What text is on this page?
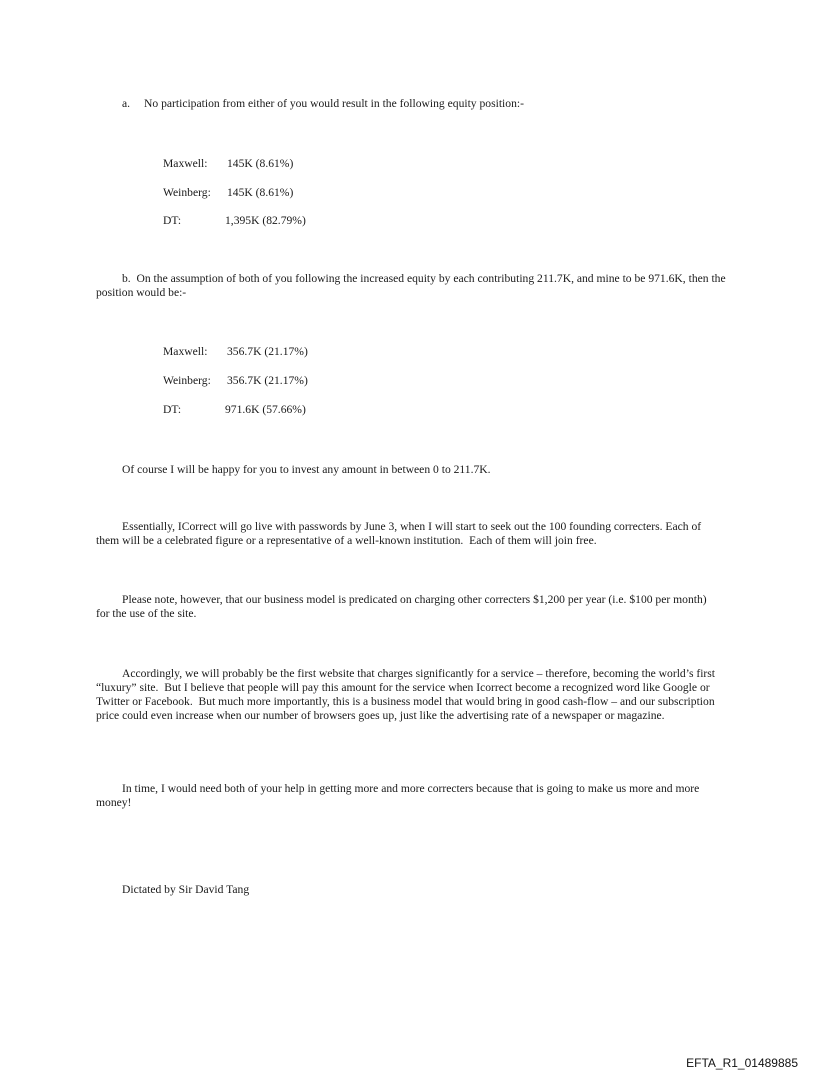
a. No participation from either of you would result in the following equity position:-

Maxwell: 145K (8.61%)

Weinberg: 145K (8.61%)

DT:	1,395K (82.79%)

b.  On the assumption of both of you following the increased equity by each contributing 211.7K, and mine to be 971.6K, then the position would be:-

Maxwell: 356.7K (21.17%)

Weinberg: 356.7K (21.17%)

DT:	971.6K (57.66%)

Of course I will be happy for you to invest any amount in between 0 to 211.7K.

Essentially, ICorrect will go live with passwords by June 3, when I will start to seek out the 100 founding correcters. Each of them will be a celebrated figure or a representative of a well-known institution.  Each of them will join free.

Please note, however, that our business model is predicated on charging other correcters $1,200 per year (i.e. $100 per month) for the use of the site.

Accordingly, we will probably be the first website that charges significantly for a service – therefore, becoming the world’s first “luxury” site.  But I believe that people will pay this amount for the service when Icorrect become a recognized word like Google or Twitter or Facebook.  But much more importantly, this is a business model that would bring in good cash-flow – and our subscription price could even increase when our number of browsers goes up, just like the advertising rate of a newspaper or magazine.

In time, I would need both of your help in getting more and more correcters because that is going to make us more and more money!

Dictated by Sir David Tang

EFTA_R1_01489885
